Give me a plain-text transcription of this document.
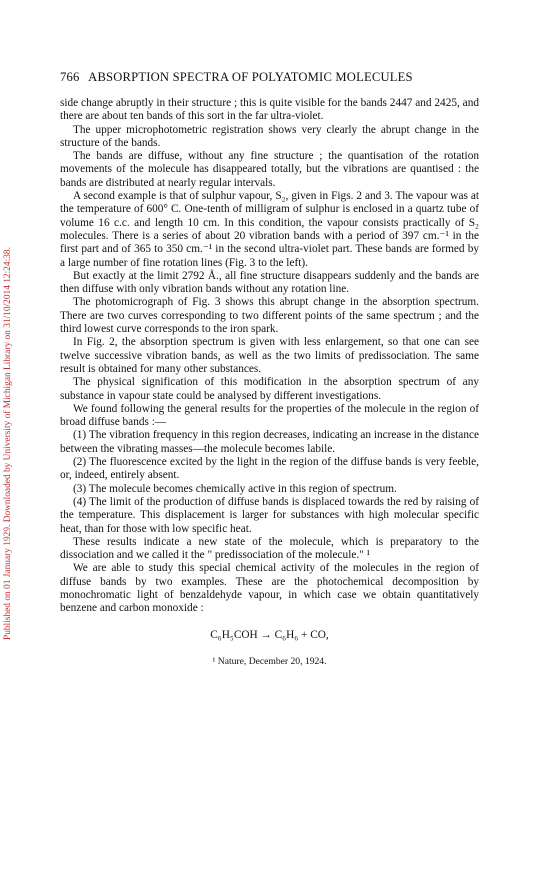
Published on 01 January 1929. Downloaded by University of Michigan Library on 31/10/2014 12:24:38.
766 ABSORPTION SPECTRA OF POLYATOMIC MOLECULES

side change abruptly in their structure ; this is quite visible for the bands 2447 and 2425, and there are about ten bands of this sort in the far ultra-violet.

The upper microphotometric registration shows very clearly the abrupt change in the structure of the bands.

The bands are diffuse, without any fine structure ; the quantisation of the rotation movements of the molecule has disappeared totally, but the vibrations are quantised : the bands are distributed at nearly regular intervals.

A second example is that of sulphur vapour, S₂, given in Figs. 2 and 3. The vapour was at the temperature of 600° C. One-tenth of milligram of sulphur is enclosed in a quartz tube of volume 16 c.c. and length 10 cm. In this condition, the vapour consists practically of S₂ molecules. There is a series of about 20 vibration bands with a period of 397 cm.⁻¹ in the first part and of 365 to 350 cm.⁻¹ in the second ultra-violet part. These bands are formed by a large number of fine rotation lines (Fig. 3 to the left).

But exactly at the limit 2792 Å., all fine structure disappears suddenly and the bands are then diffuse with only vibration bands without any rotation line.

The photomicrograph of Fig. 3 shows this abrupt change in the absorption spectrum. There are two curves corresponding to two different points of the same spectrum ; and the third lowest curve corresponds to the iron spark.

In Fig. 2, the absorption spectrum is given with less enlargement, so that one can see twelve successive vibration bands, as well as the two limits of predissociation. The same result is obtained for many other substances.

The physical signification of this modification in the absorption spectrum of any substance in vapour state could be analysed by different investigations.

We found following the general results for the properties of the molecule in the region of broad diffuse bands :—

(1) The vibration frequency in this region decreases, indicating an increase in the distance between the vibrating masses—the molecule becomes labile.

(2) The fluorescence excited by the light in the region of the diffuse bands is very feeble, or, indeed, entirely absent.

(3) The molecule becomes chemically active in this region of spectrum.

(4) The limit of the production of diffuse bands is displaced towards the red by raising of the temperature. This displacement is larger for substances with high molecular specific heat, than for those with low specific heat.

These results indicate a new state of the molecule, which is preparatory to the dissociation and we called it the " predissociation of the molecule." ¹

We are able to study this special chemical activity of the molecules in the region of diffuse bands by two examples. These are the photochemical decomposition by monochromatic light of benzaldehyde vapour, in which case we obtain quantitatively benzene and carbon monoxide :

C₆H₅COH → C₆H₆ + CO,
¹ Nature, December 20, 1924.
